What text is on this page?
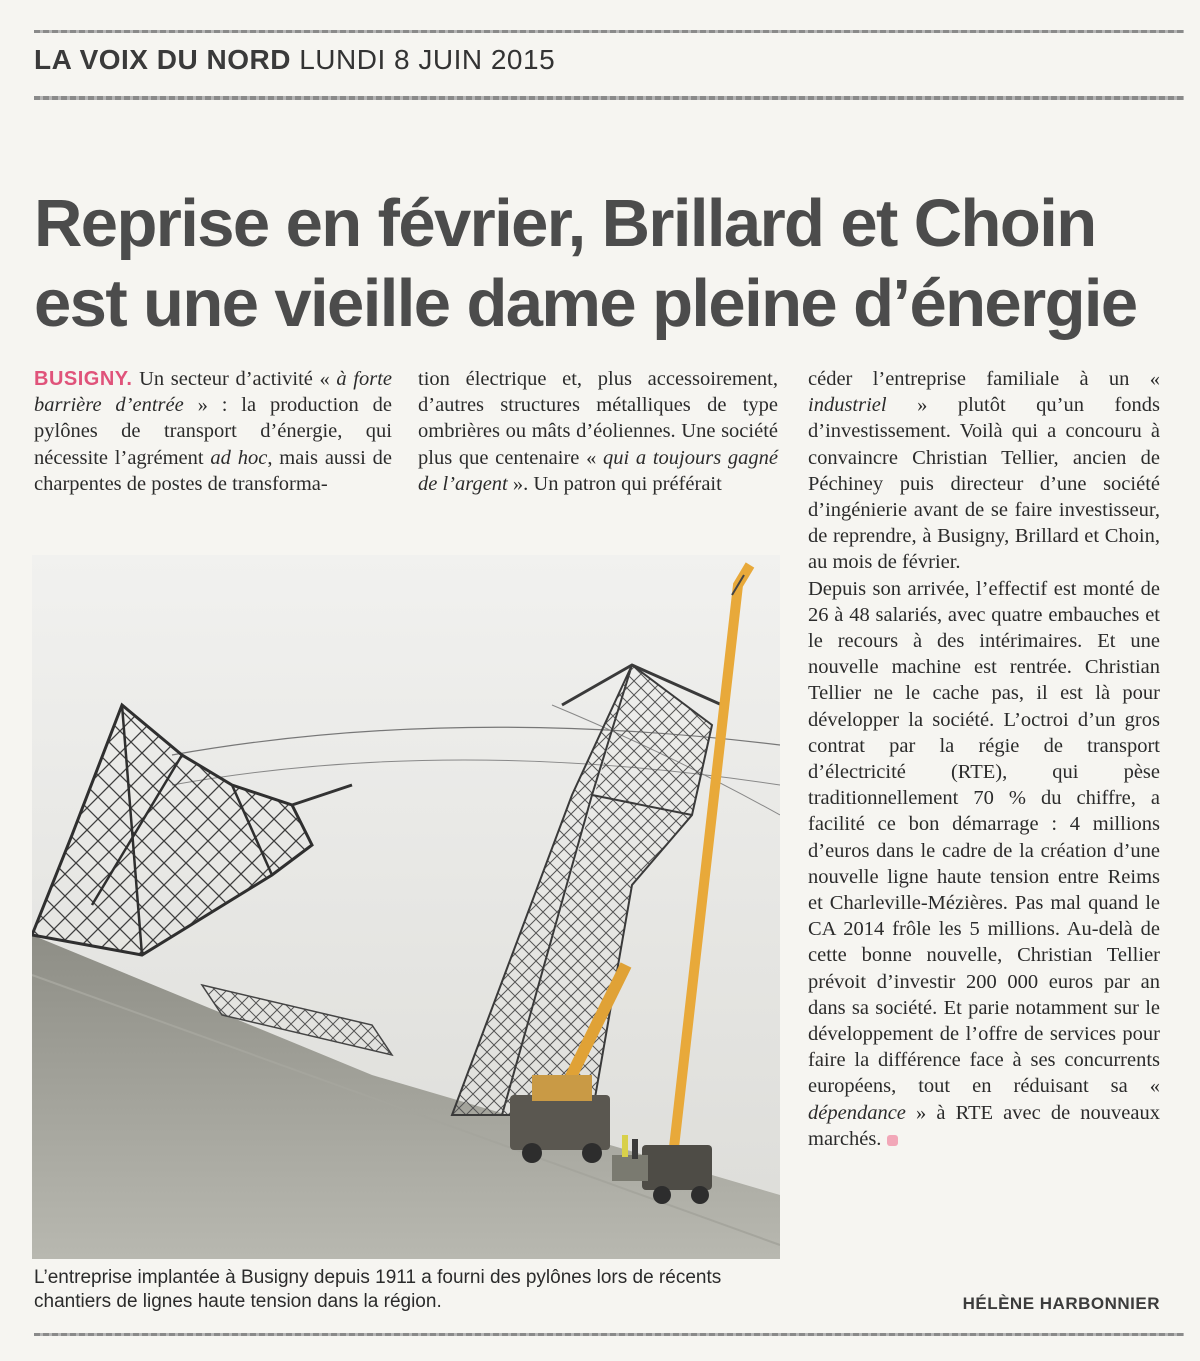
LA VOIX DU NORD LUNDI 8 JUIN 2015
Reprise en février, Brillard et Choin
est une vieille dame pleine d’énergie

BUSIGNY. Un secteur d’activité « à forte barrière d’entrée » : la production de pylônes de transport d’énergie, qui nécessite l’agrément ad hoc, mais aussi de charpentes de postes de transforma-

tion électrique et, plus accessoirement, d’autres structures métalliques de type ombrières ou mâts d’éoliennes. Une société plus que centenaire « qui a toujours gagné de l’argent ». Un patron qui préférait

céder l’entreprise familiale à un « industriel » plutôt qu’un fonds d’investissement. Voilà qui a concouru à convaincre Christian Tellier, ancien de Péchiney puis directeur d’une société d’ingénierie avant de se faire investisseur, de reprendre, à Busigny, Brillard et Choin, au mois de février.

Depuis son arrivée, l’effectif est monté de 26 à 48 salariés, avec quatre embauches et le recours à des intérimaires. Et une nouvelle machine est rentrée. Christian Tellier ne le cache pas, il est là pour développer la société. L’octroi d’un gros contrat par la régie de transport d’électricité (RTE), qui pèse traditionnellement 70 % du chiffre, a facilité ce bon démarrage : 4 millions d’euros dans le cadre de la création d’une nouvelle ligne haute tension entre Reims et Charleville-Mézières. Pas mal quand le CA 2014 frôle les 5 millions. Au-delà de cette bonne nouvelle, Christian Tellier prévoit d’investir 200 000 euros par an dans sa société. Et parie notamment sur le développement de l’offre de services pour faire la différence face à ses concurrents européens, tout en réduisant sa « dépendance » à RTE avec de nouveaux marchés.

HÉLÈNE HARBONNIER
L’entreprise implantée à Busigny depuis 1911 a fourni des pylônes lors de récents chantiers de lignes haute tension dans la région.
